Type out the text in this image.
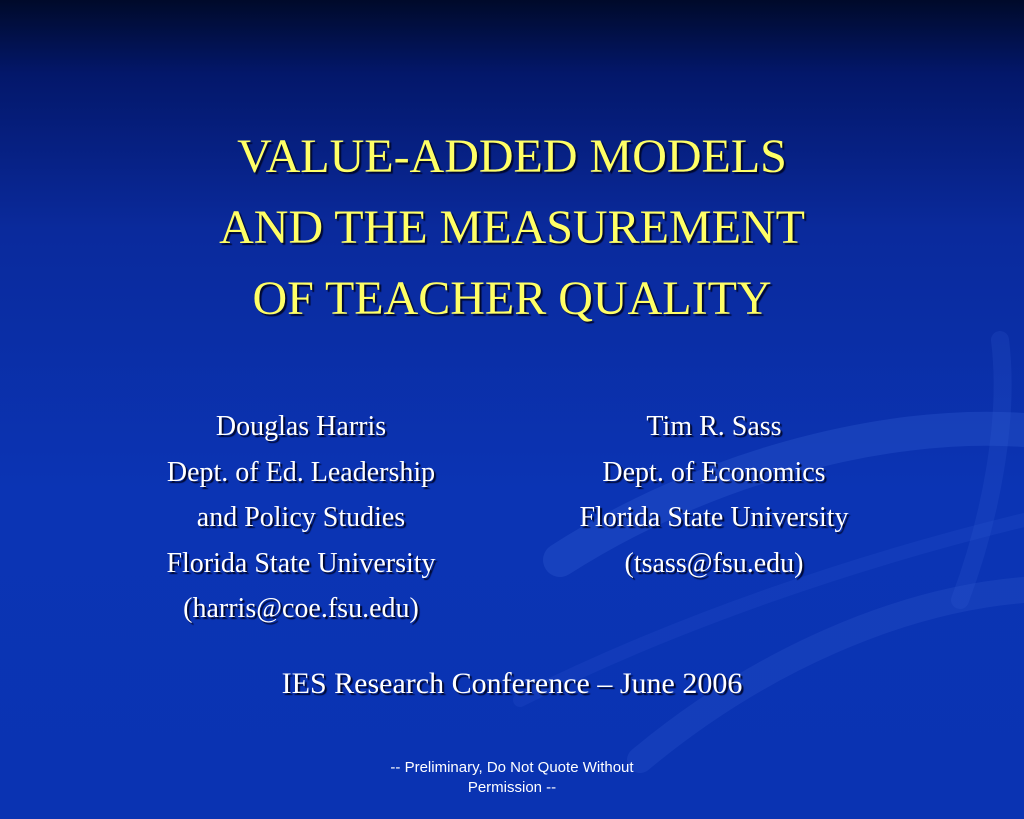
VALUE-ADDED MODELS
AND THE MEASUREMENT
OF TEACHER QUALITY
Douglas Harris
Dept. of Ed. Leadership
and Policy Studies
Florida State University
(harris@coe.fsu.edu)
Tim R. Sass
Dept. of Economics
Florida State University
(tsass@fsu.edu)
IES Research Conference – June 2006
-- Preliminary, Do Not Quote Without
Permission --
